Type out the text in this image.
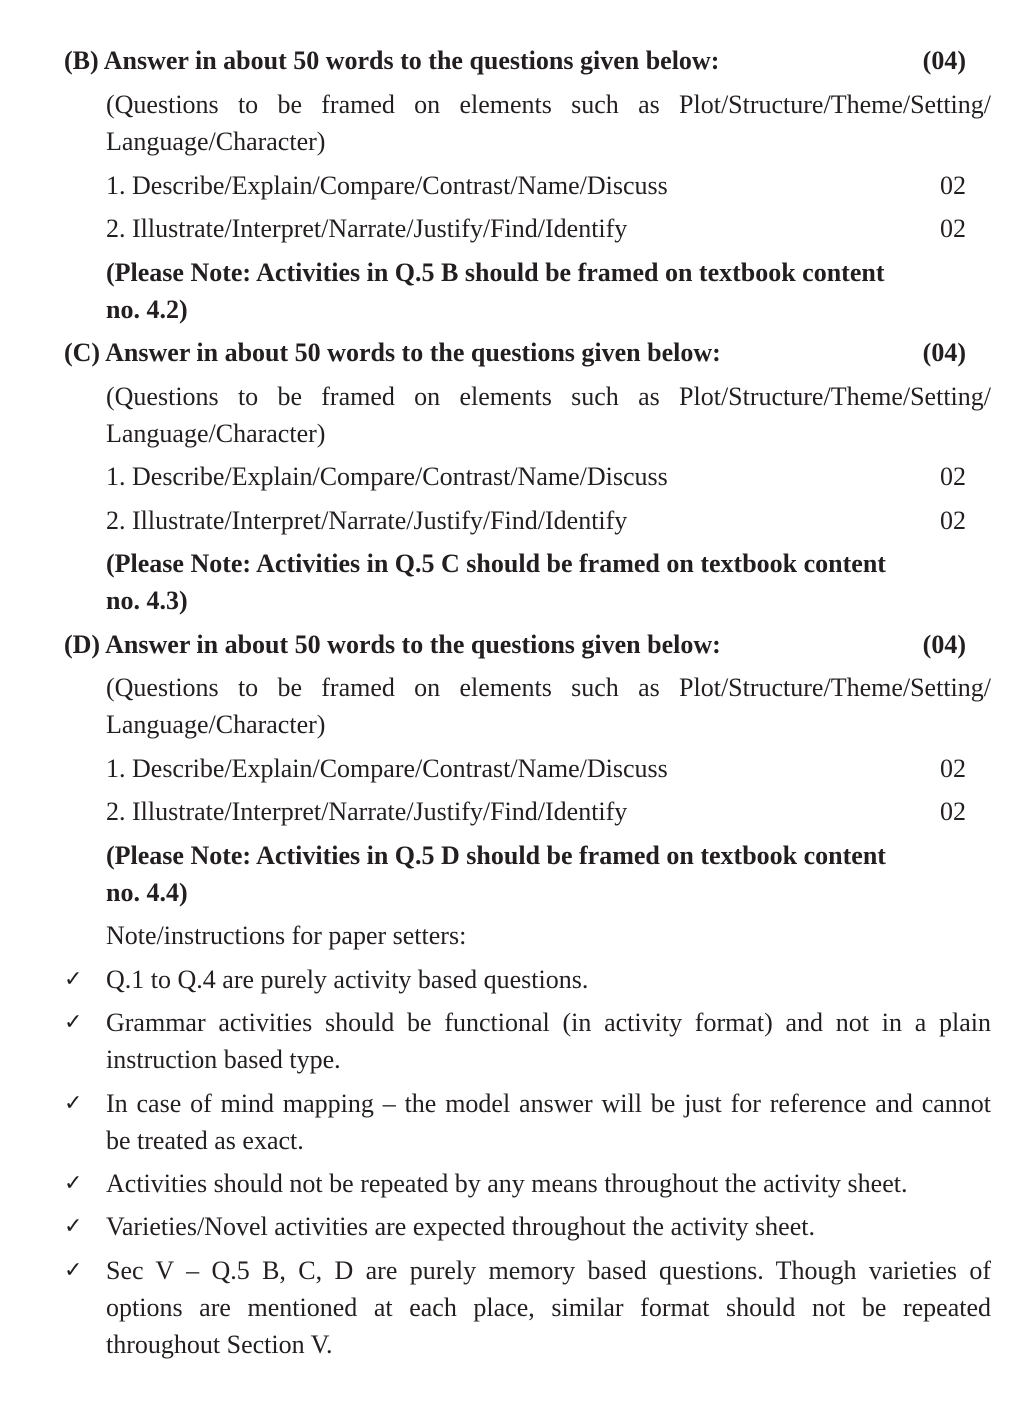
(B) Answer in about 50 words to the questions given below:	(04)
(Questions to be framed on elements such as Plot/Structure/Theme/Setting/
Language/Character)
1. Describe/Explain/Compare/Contrast/Name/Discuss	02
2. Illustrate/Interpret/Narrate/Justify/Find/Identify	02
(Please Note: Activities in Q.5 B should be framed on textbook content
no. 4.2)
(C) Answer in about 50 words to the questions given below:	(04)
(Questions to be framed on elements such as Plot/Structure/Theme/Setting/
Language/Character)
1. Describe/Explain/Compare/Contrast/Name/Discuss	02
2. Illustrate/Interpret/Narrate/Justify/Find/Identify	02
(Please Note: Activities in Q.5 C should be framed on textbook content
no. 4.3)
(D) Answer in about 50 words to the questions given below:	(04)
(Questions to be framed on elements such as Plot/Structure/Theme/Setting/
Language/Character)
1. Describe/Explain/Compare/Contrast/Name/Discuss	02
2. Illustrate/Interpret/Narrate/Justify/Find/Identify	02
(Please Note: Activities in Q.5 D should be framed on textbook content
no. 4.4)
Note/instructions for paper setters:
✓ Q.1 to Q.4 are purely activity based questions.
✓ Grammar activities should be functional (in activity format) and not in a plain
instruction based type.
✓ In case of mind mapping – the model answer will be just for reference and cannot
be treated as exact.
✓ Activities should not be repeated by any means throughout the activity sheet.
✓ Varieties/Novel activities are expected throughout the activity sheet.
✓ Sec V – Q.5 B, C, D are purely memory based questions. Though varieties of
options are mentioned at each place, similar format should not be repeated
throughout Section V.
